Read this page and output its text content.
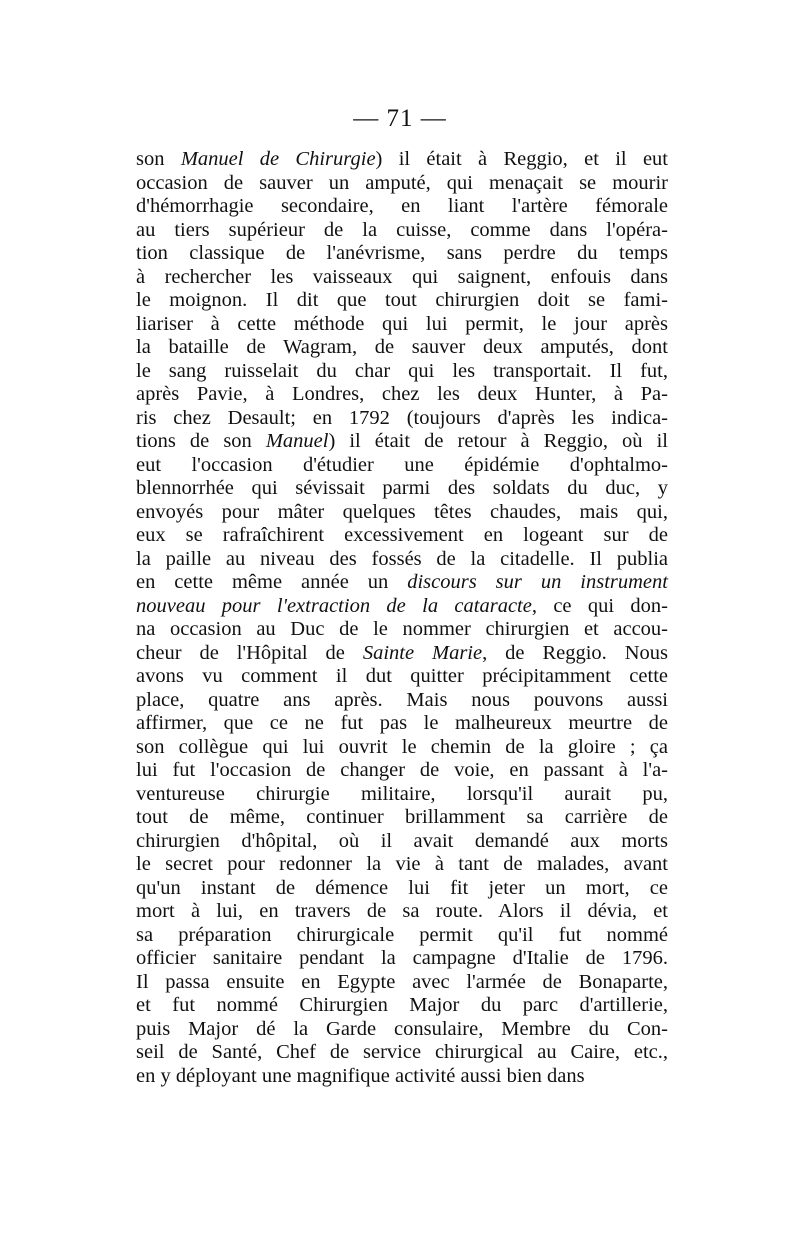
— 71 —
son Manuel de Chirurgie) il était à Reggio, et il eut
occasion de sauver un amputé, qui menaçait se mourir
d'hémorrhagie secondaire, en liant l'artère fémorale
au tiers supérieur de la cuisse, comme dans l'opéra-
tion classique de l'anévrisme, sans perdre du temps
à rechercher les vaisseaux qui saignent, enfouis dans
le moignon. Il dit que tout chirurgien doit se fami-
liariser à cette méthode qui lui permit, le jour après
la bataille de Wagram, de sauver deux amputés, dont
le sang ruisselait du char qui les transportait. Il fut,
après Pavie, à Londres, chez les deux Hunter, à Pa-
ris chez Desault; en 1792 (toujours d'après les indica-
tions de son Manuel) il était de retour à Reggio, où il
eut l'occasion d'étudier une épidémie d'ophtalmo-
blennorrhée qui sévissait parmi des soldats du duc, y
envoyés pour mâter quelques têtes chaudes, mais qui,
eux se rafraîchirent excessivement en logeant sur de
la paille au niveau des fossés de la citadelle. Il publia
en cette même année un discours sur un instrument
nouveau pour l'extraction de la cataracte, ce qui don-
na occasion au Duc de le nommer chirurgien et accou-
cheur de l'Hôpital de Sainte Marie, de Reggio. Nous
avons vu comment il dut quitter précipitamment cette
place, quatre ans après. Mais nous pouvons aussi
affirmer, que ce ne fut pas le malheureux meurtre de
son collègue qui lui ouvrit le chemin de la gloire ; ça
lui fut l'occasion de changer de voie, en passant à l'a-
ventureuse chirurgie militaire, lorsqu'il aurait pu,
tout de même, continuer brillamment sa carrière de
chirurgien d'hôpital, où il avait demandé aux morts
le secret pour redonner la vie à tant de malades, avant
qu'un instant de démence lui fit jeter un mort, ce
mort à lui, en travers de sa route. Alors il dévia, et
sa préparation chirurgicale permit qu'il fut nommé
officier sanitaire pendant la campagne d'Italie de 1796.
Il passa ensuite en Egypte avec l'armée de Bonaparte,
et fut nommé Chirurgien Major du parc d'artillerie,
puis Major dé la Garde consulaire, Membre du Con-
seil de Santé, Chef de service chirurgical au Caire, etc.,
en y déployant une magnifique activité aussi bien dans
